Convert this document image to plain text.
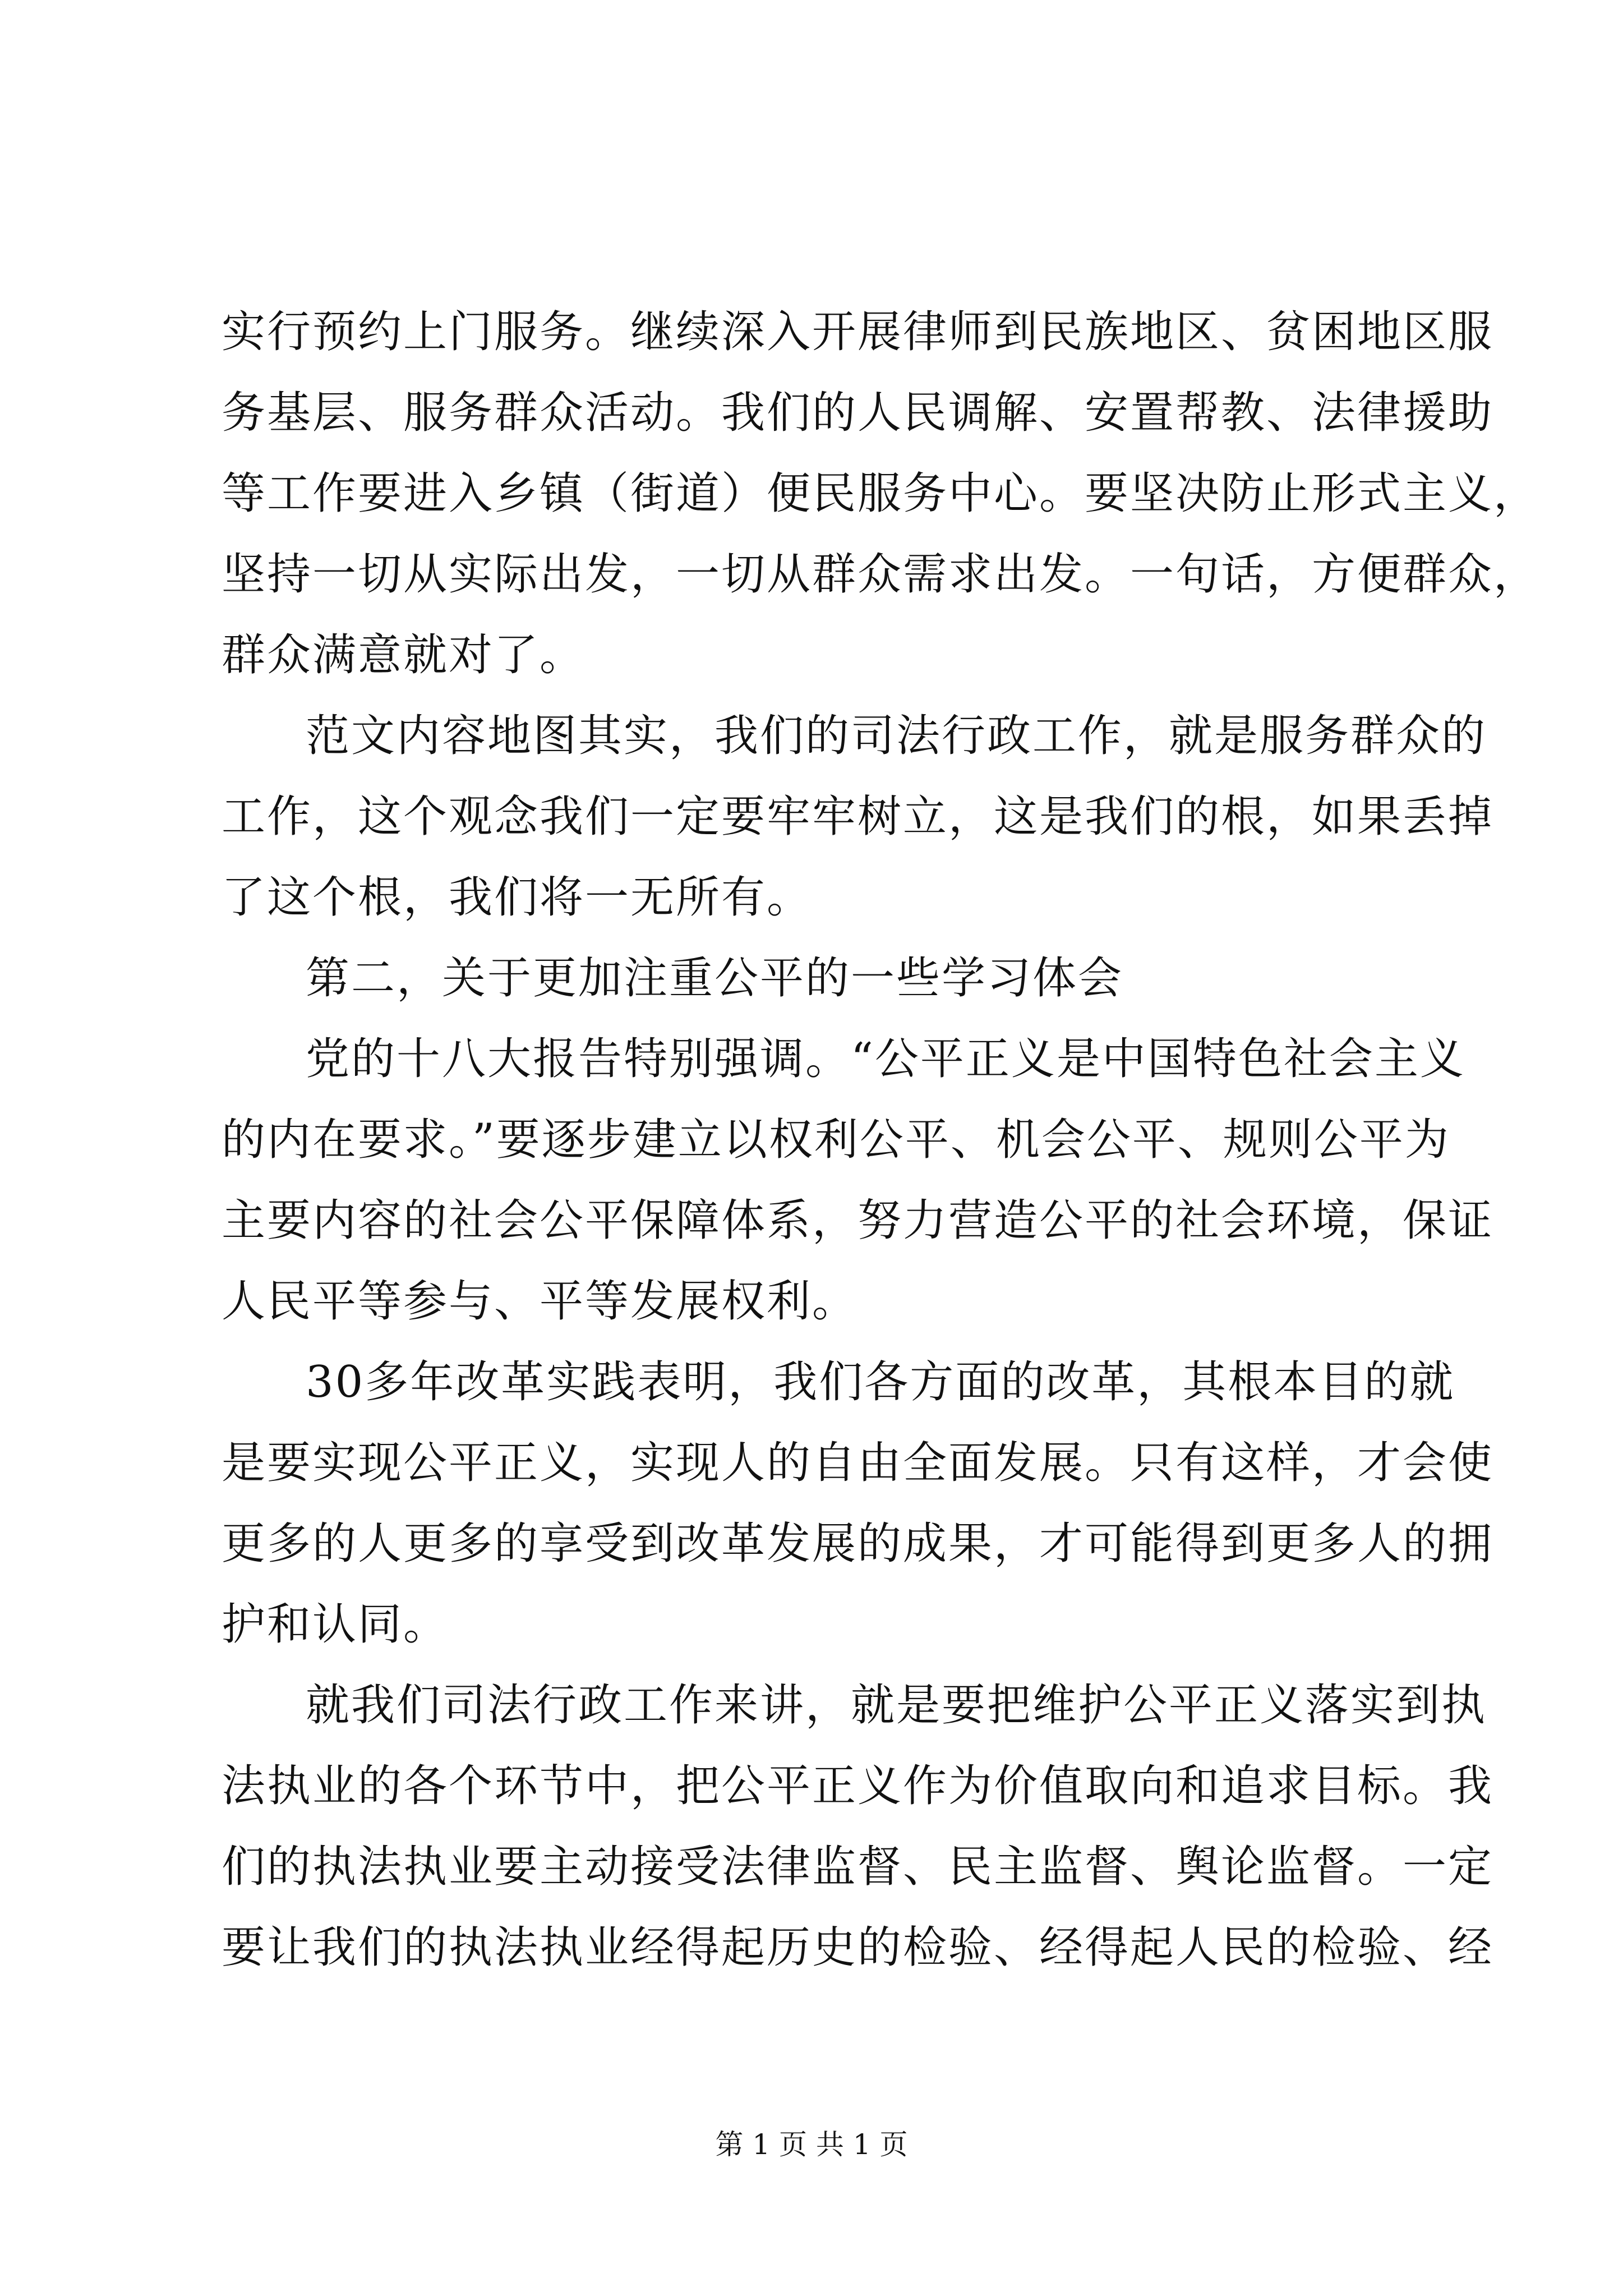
实行预约上门服务。继续深入开展律师到民族地区、贫困地区服
务基层、服务群众活动。我们的人民调解、安置帮教、法律援助
等工作要进入乡镇（街道）便民服务中心。要坚决防止形式主义，
坚持一切从实际出发，一切从群众需求出发。一句话，方便群众，
群众满意就对了。
范文内容地图其实，我们的司法行政工作，就是服务群众的
工作，这个观念我们一定要牢牢树立，这是我们的根，如果丢掉
了这个根，我们将一无所有。
第二，关于更加注重公平的一些学习体会
党的十八大报告特别强调。“公平正义是中国特色社会主义
的内在要求。”要逐步建立以权利公平、机会公平、规则公平为
主要内容的社会公平保障体系，努力营造公平的社会环境，保证
人民平等参与、平等发展权利。
30多年改革实践表明，我们各方面的改革，其根本目的就
是要实现公平正义，实现人的自由全面发展。只有这样，才会使
更多的人更多的享受到改革发展的成果，才可能得到更多人的拥
护和认同。
就我们司法行政工作来讲，就是要把维护公平正义落实到执
法执业的各个环节中，把公平正义作为价值取向和追求目标。我
们的执法执业要主动接受法律监督、民主监督、舆论监督。一定
要让我们的执法执业经得起历史的检验、经得起人民的检验、经
第 1 页 共 1 页
